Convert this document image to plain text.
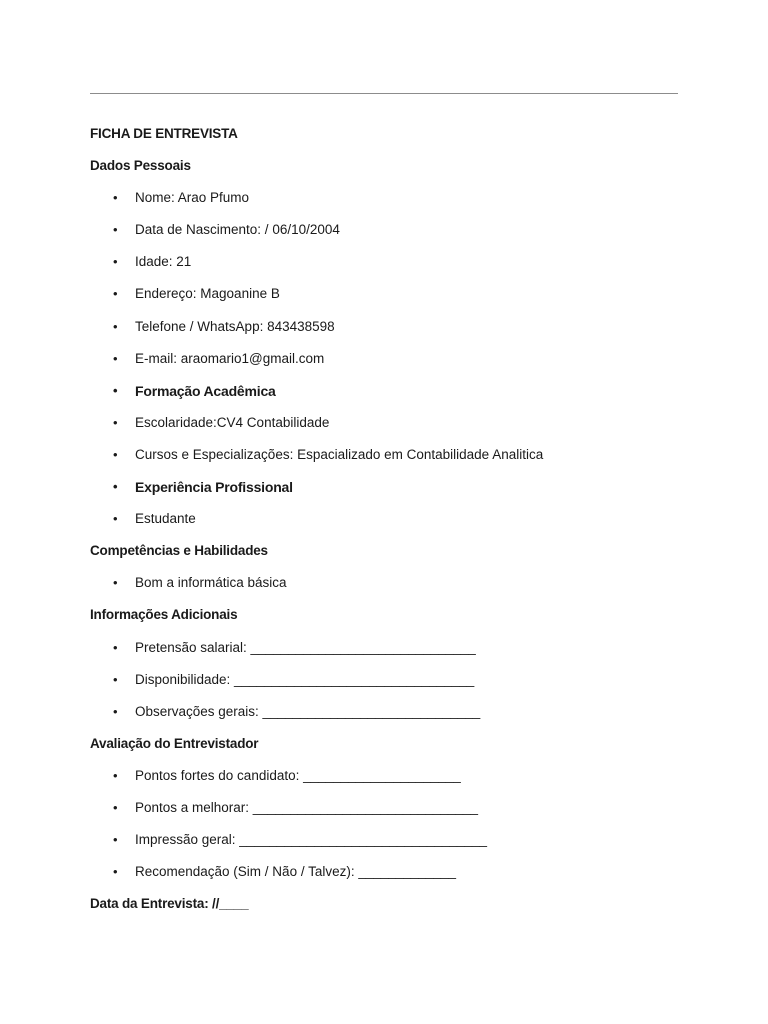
FICHA DE ENTREVISTA
Dados Pessoais
• Nome: Arao Pfumo
• Data de Nascimento: / 06/10/2004
• Idade: 21
• Endereço: Magoanine B
• Telefone / WhatsApp: 843438598
• E-mail: araomario1@gmail.com
• Formação Acadêmica
• Escolaridade:CV4 Contabilidade
• Cursos e Especializações: Espacializado em Contabilidade Analitica
• Experiência Profissional
• Estudante
Competências e Habilidades
• Bom a informática básica
Informações Adicionais
• Pretensão salarial: ______________________________
• Disponibilidade: ________________________________
• Observações gerais: _____________________________
Avaliação do Entrevistador
• Pontos fortes do candidato: _____________________
• Pontos a melhorar: ______________________________
• Impressão geral: _________________________________
• Recomendação (Sim / Não / Talvez): _____________
Data da Entrevista: //____
